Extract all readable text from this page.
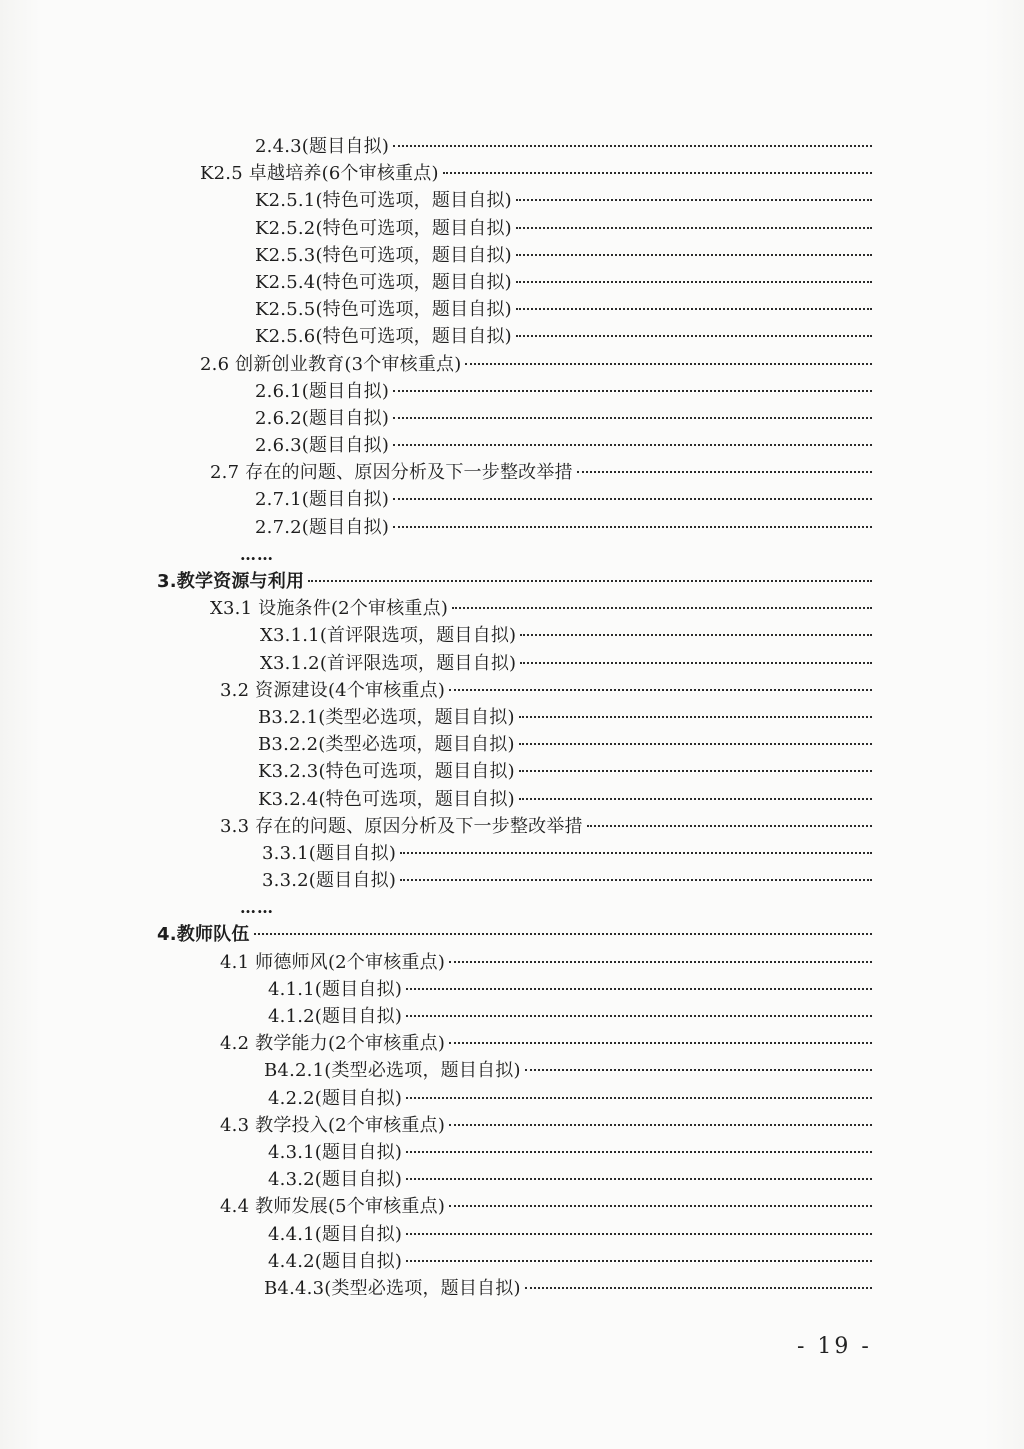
2.4.3(题目自拟)
K2.5 卓越培养(6个审核重点)
K2.5.1(特色可选项，题目自拟)
K2.5.2(特色可选项，题目自拟)
K2.5.3(特色可选项，题目自拟)
K2.5.4(特色可选项，题目自拟)
K2.5.5(特色可选项，题目自拟)
K2.5.6(特色可选项，题目自拟)
2.6 创新创业教育(3个审核重点)
2.6.1(题目自拟)
2.6.2(题目自拟)
2.6.3(题目自拟)
2.7 存在的问题、原因分析及下一步整改举措
2.7.1(题目自拟)
2.7.2(题目自拟)
……
3.教学资源与利用
X3.1 设施条件(2个审核重点)
X3.1.1(首评限选项，题目自拟)
X3.1.2(首评限选项，题目自拟)
3.2 资源建设(4个审核重点)
B3.2.1(类型必选项，题目自拟)
B3.2.2(类型必选项，题目自拟)
K3.2.3(特色可选项，题目自拟)
K3.2.4(特色可选项，题目自拟)
3.3 存在的问题、原因分析及下一步整改举措
3.3.1(题目自拟)
3.3.2(题目自拟)
……
4.教师队伍
4.1 师德师风(2个审核重点)
4.1.1(题目自拟)
4.1.2(题目自拟)
4.2 教学能力(2个审核重点)
B4.2.1(类型必选项，题目自拟)
4.2.2(题目自拟)
4.3 教学投入(2个审核重点)
4.3.1(题目自拟)
4.3.2(题目自拟)
4.4 教师发展(5个审核重点)
4.4.1(题目自拟)
4.4.2(题目自拟)
B4.4.3(类型必选项，题目自拟)
- 19 -
